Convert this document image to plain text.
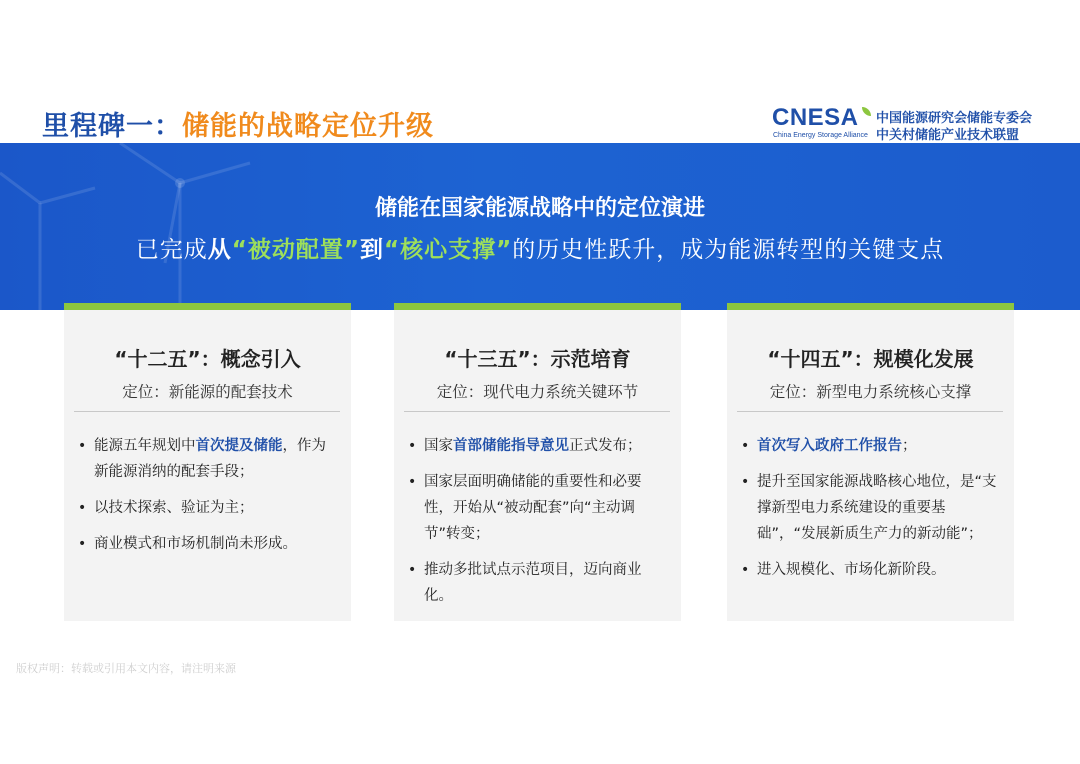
里程碑一：储能的战略定位升级	CNESA
China Energy Storage Alliance
中国能源研究会储能专委会
中关村储能产业技术联盟
储能在国家能源战略中的定位演进
已完成从“被动配置”到“核心支撑”的历史性跃升，成为能源转型的关键支点
“十二五”：概念引入
定位：新能源的配套技术
• 能源五年规划中首次提及储能，作为新能源消纳的配套手段；
• 以技术探索、验证为主；
• 商业模式和市场机制尚未形成。
“十三五”：示范培育
定位：现代电力系统关键环节
• 国家首部储能指导意见正式发布；
• 国家层面明确储能的重要性和必要性，开始从“被动配套”向“主动调节”转变；
• 推动多批试点示范项目，迈向商业化。
“十四五”：规模化发展
定位：新型电力系统核心支撑
• 首次写入政府工作报告；
• 提升至国家能源战略核心地位，是“支撑新型电力系统建设的重要基础”，“发展新质生产力的新动能”；
• 进入规模化、市场化新阶段。
版权声明：转载或引用本文内容，请注明来源
